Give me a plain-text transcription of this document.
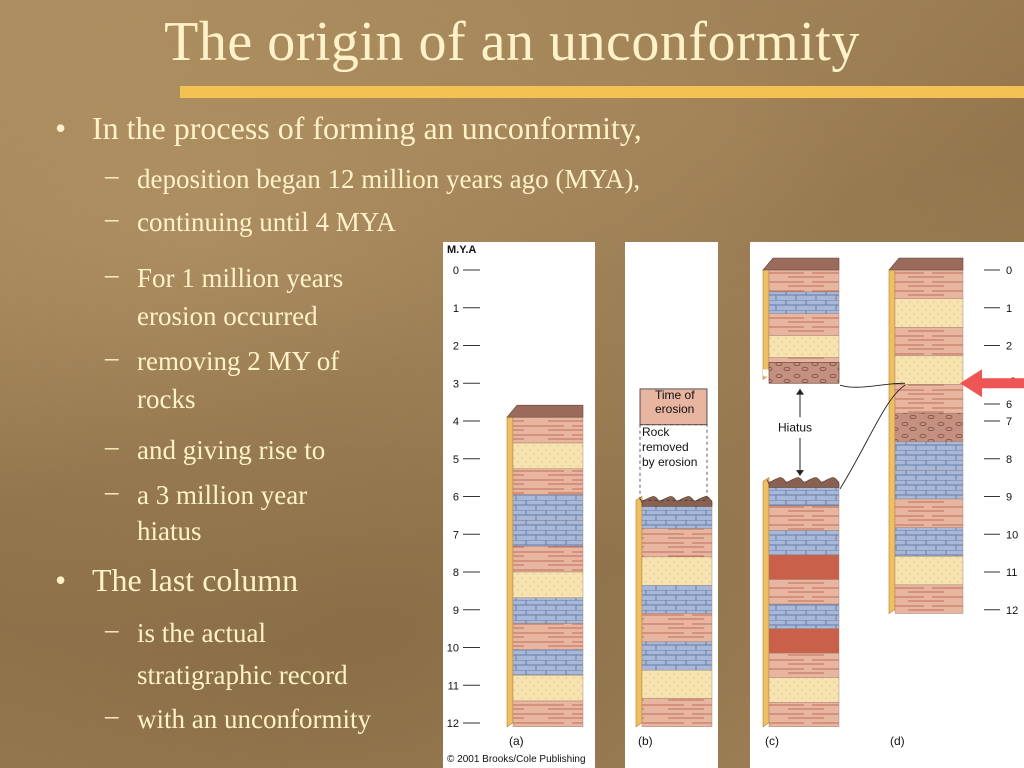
The origin of an unconformity
• In the process of forming an unconformity,
– deposition began 12 million years ago (MYA),
– continuing until 4 MYA
– For 1 million years
erosion occurred
– removing 2 MY of
rocks
– and giving rise to
– a 3 million year
hiatus
• The last column
– is the actual
stratigraphic record
– with an unconformity
M.Y.A
0
1
2
3
4
5
6
7
8
9
10
11
12
0
1
2
6
7
8
9
10
11
12
Time of
erosion
Rock
removed
by erosion
Hiatus
(a)	(b)	(c)	(d)
© 2001 Brooks/Cole Publishing
